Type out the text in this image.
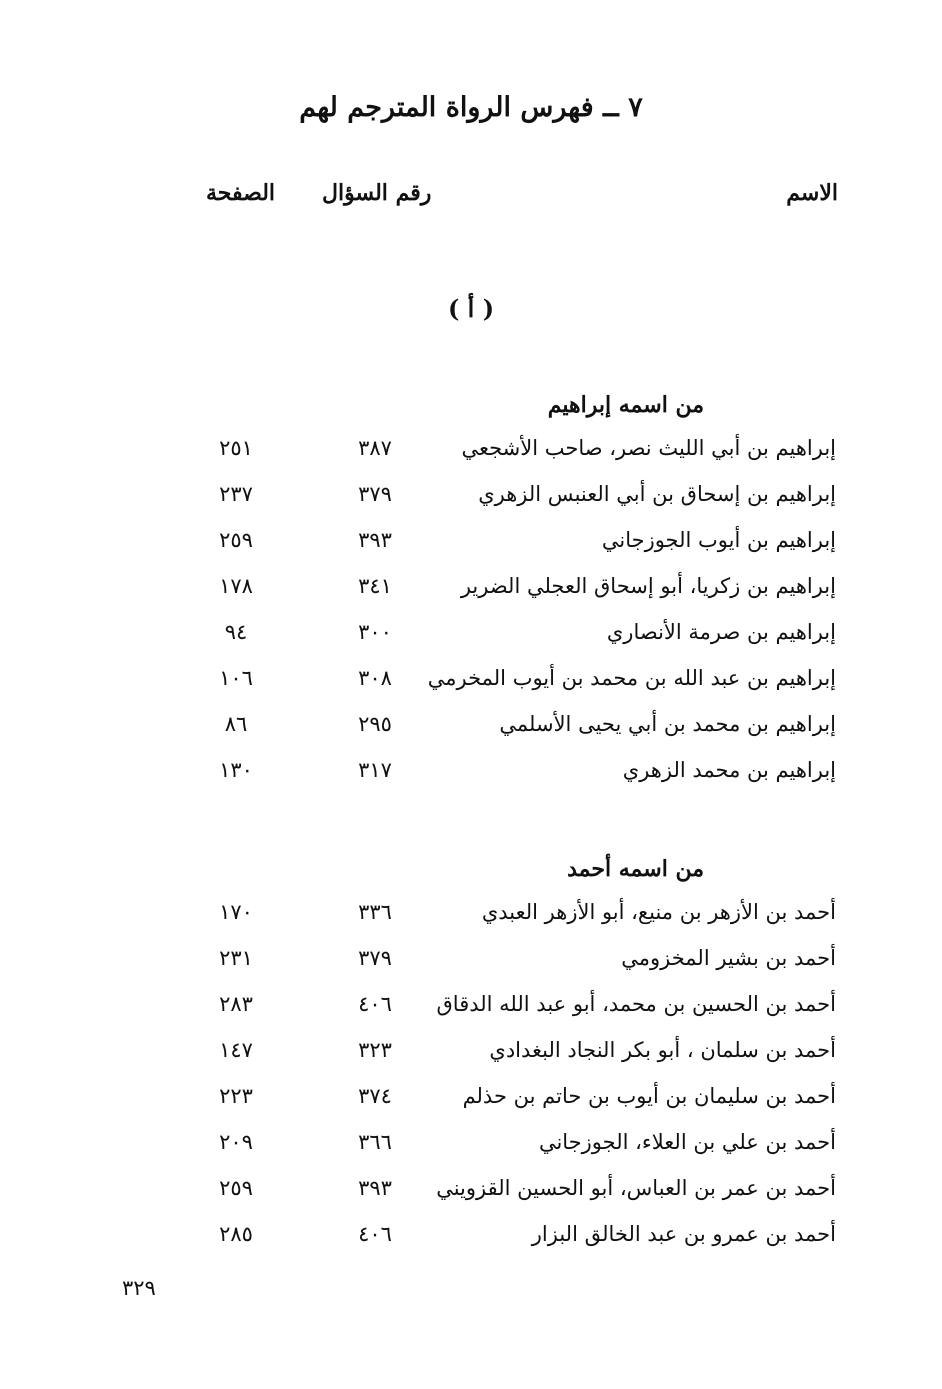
٧ ــ فهرس الرواة المترجم لهم
الاسم
رقم السؤال
الصفحة
( أ )
من اسمه إبراهيم
إبراهيم بن أبي الليث نصر، صاحب الأشجعي
٣٨٧
٢٥١
إبراهيم بن إسحاق بن أبي العنبس الزهري
٣٧٩
٢٣٧
إبراهيم بن أيوب الجوزجاني
٣٩٣
٢٥٩
إبراهيم بن زكريا، أبو إسحاق العجلي الضرير
٣٤١
١٧٨
إبراهيم بن صرمة الأنصاري
٣٠٠
٩٤
إبراهيم بن عبد الله بن محمد بن أيوب المخرمي
٣٠٨
١٠٦
إبراهيم بن محمد بن أبي يحيى الأسلمي
٢٩٥
٨٦
إبراهيم بن محمد الزهري
٣١٧
١٣٠
من اسمه أحمد
أحمد بن الأزهر بن منيع، أبو الأزهر العبدي
٣٣٦
١٧٠
أحمد بن بشير المخزومي
٣٧٩
٢٣١
أحمد بن الحسين بن محمد، أبو عبد الله الدقاق
٤٠٦
٢٨٣
أحمد بن سلمان ، أبو بكر النجاد البغدادي
٣٢٣
١٤٧
أحمد بن سليمان بن أيوب بن حاتم بن حذلم
٣٧٤
٢٢٣
أحمد بن علي بن العلاء، الجوزجاني
٣٦٦
٢٠٩
أحمد بن عمر بن العباس، أبو الحسين القزويني
٣٩٣
٢٥٩
أحمد بن عمرو بن عبد الخالق البزار
٤٠٦
٢٨٥
٣٢٩
